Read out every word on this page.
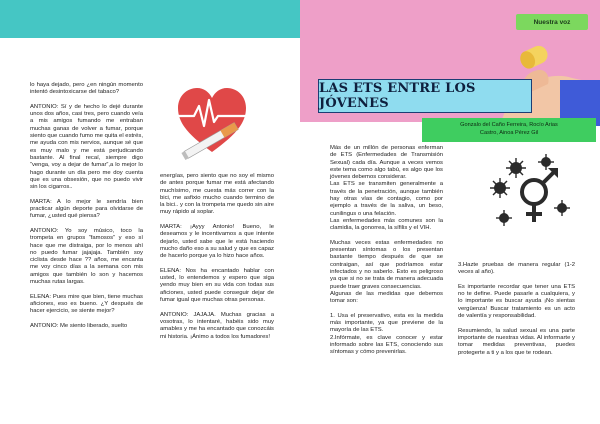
Nuestra voz
LAS ETS ENTRE LOS JÓVENES
Gonzalo del Caño Ferreira, Rocío Arias
Castro, Ainoa Pérez Gil

lo haya dejado, pero ¿en ningún momento intentó desintoxicarse del tabaco?

ANTONIO: Sí y de hecho lo dejé durante unos dos años, casi tres, pero cuando veía a mis amigos fumando me entraban muchas ganas de volver a fumar, porque siento que cuando fumo me quita el estrés, me ayuda con mis nervios, aunque sé que es muy malo y me está perjudicando bastante. Al final recaí, siempre digo “venga, voy a dejar de fumar”,a lo mejor lo hago durante un día pero me doy cuenta que es una obsesión, que no puedo vivir sin los cigarros..

MARTA: A lo mejor le sendría bien practicar algún deporte para olvidarse de fumar, ¿usted qué piensa?

ANTONIO: Yo soy músico, toco la trompeta en grupos “famosos” y eso sí hace que me distraiga, por lo menos ahí no puedo fumar jajajaja. También soy ciclista desde hace ?? años, me encanta me voy cinco días a la semana con mis amigos que también lo son y hacemos muchas rutas largas.

ELENA: Pues mire que bien, tiene muchas aficiones, eso es bueno. ¿Y después de hacer ejercicio, se siente mejor?

ANTONIO: Me siento liberado, suelto

energías, pero siento que no soy el mismo de antes porque fumar me está afectando muchísimo, me cuesta más correr con la bici, me asfixio mucho cuando termino de la bici.. y con la trompeta me quedo sin aire muy rápido al soplar.

MARTA: ¡Ayyy Antonio! Bueno, le deseamos y le incentivamos a que intente dejarlo, usted sabe que le está haciendo mucho daño eso a su salud y que es capaz de hacerlo porque ya lo hizo hace años.

ELENA: Nos ha encantado hablar con usted, lo entendemos y espero que siga yendo muy bien en su vida con todas sus aficiones, usted puede conseguir dejar de fumar igual que muchas otras personas.

ANTONIO: JAJAJA. Muchas gracias a vosotras, lo intentaré, habéis sido muy amables y me ha encantado que conozcáis mi historia. ¡Ánimo a todos los fumadores!

Más de un millón de personas enferman de ETS (Enfermedades de Transmisión Sexual) cada día. Aunque a veces vemos este tema como algo tabú, es algo que los jóvenes debemos considerar.

Las ETS se transmiten generalmente a través de la penetración, aunque también hay otras vías de contagio, como por ejemplo a través de la saliva, un beso, cunilingus o una felación.

Las enfermedades más comunes son la clamidia, la gonorrea, la sífilis y el VIH.

Muchas veces estas enfermedades no presentan síntomas o los presentan bastante tiempo después de que se contraigan, así que podríamos estar infectados y no saberlo. Esto es peligroso ya que si no se trata de manera adecuada puede traer graves consecuencias.

Algunas de las medidas que debemos tomar son:

1. Usa el preservativo, esta es la medida más importante, ya que previene de la mayoría de las ETS.

2.Infórmate, es clave conocer y estar informado sobre las ETS, conociendo sus síntomas y cómo prevenirlas.

3.Hazte pruebas de manera regular (1-2 veces al año).

Es importante recordar que tener una ETS no te define. Puede pasarle a cualquiera, y lo importante es buscar ayuda ¡No sientas vergüenza! Buscar tratamiento es un acto de valentía y responsabilidad.

Resumiendo, la salud sexual es una parte importante de nuestras vidas. Al informarte y tomar medidas preventivas, puedes protegerte a ti y a los que te rodean.
